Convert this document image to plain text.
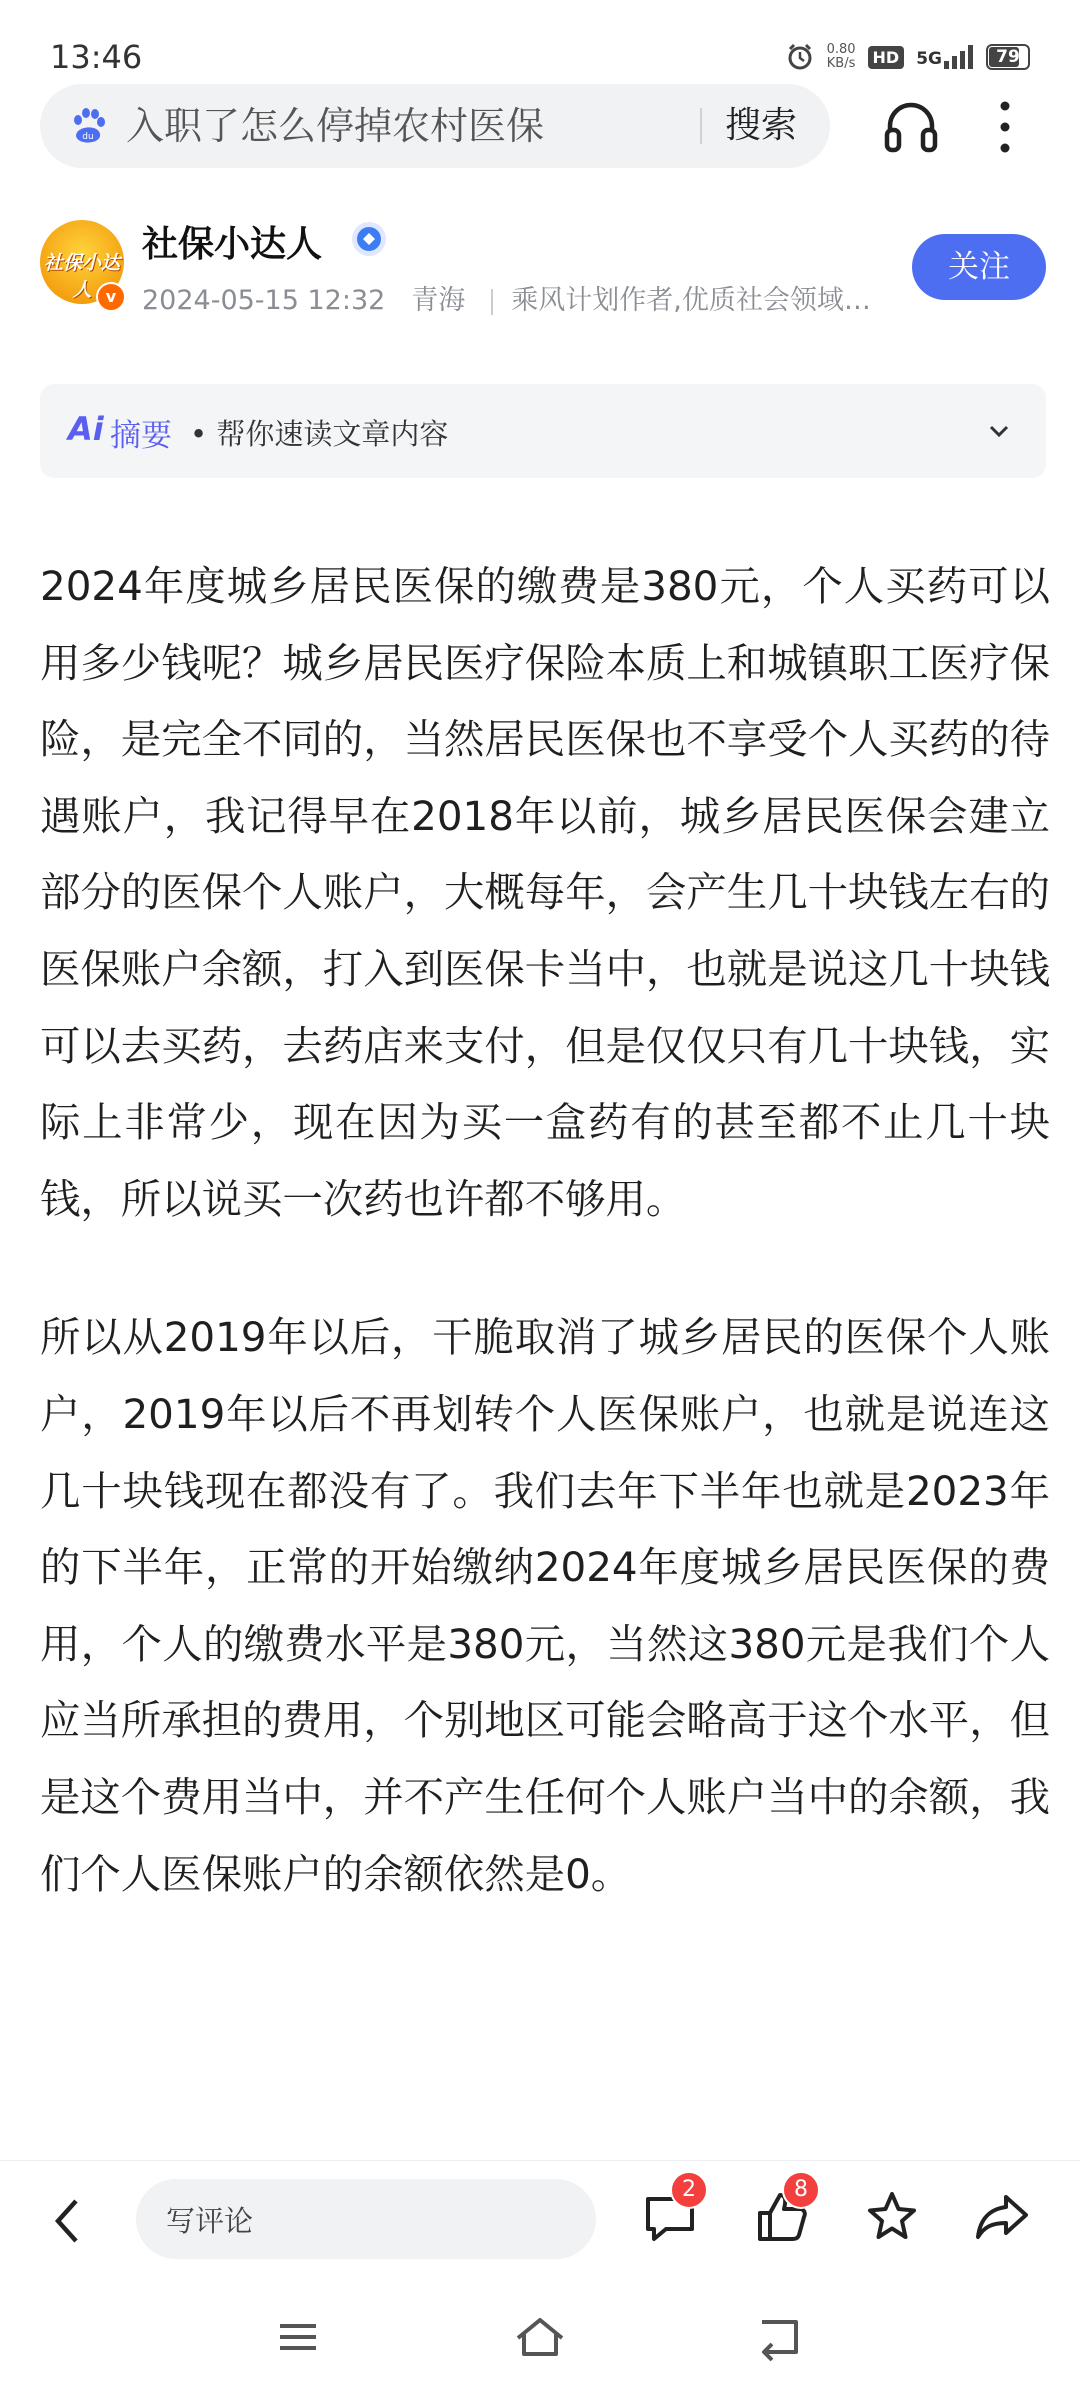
13:46	0.80
KB/s	HD 5G	79
du 入职了怎么停掉农村医保	搜索
社保小达人 v
社保小达人
2024-05-15 12:32 青海 乘风计划作者,优质社会领域…
关注
Ai 摘要 • 帮你速读文章内容

2024年度城乡居民医保的缴费是380元，个人买药可以用多少钱呢？城乡居民医疗保险本质上和城镇职工医疗保险，是完全不同的，当然居民医保也不享受个人买药的待遇账户，我记得早在2018年以前，城乡居民医保会建立部分的医保个人账户，大概每年，会产生几十块钱左右的医保账户余额，打入到医保卡当中，也就是说这几十块钱可以去买药，去药店来支付，但是仅仅只有几十块钱，实际上非常少，现在因为买一盒药有的甚至都不止几十块钱，所以说买一次药也许都不够用。

所以从2019年以后，干脆取消了城乡居民的医保个人账户，2019年以后不再划转个人医保账户，也就是说连这几十块钱现在都没有了。我们去年下半年也就是2023年的下半年，正常的开始缴纳2024年度城乡居民医保的费用，个人的缴费水平是380元，当然这380元是我们个人应当所承担的费用，个别地区可能会略高于这个水平，但是这个费用当中，并不产生任何个人账户当中的余额，我们个人医保账户的余额依然是0。

写评论
2	8
